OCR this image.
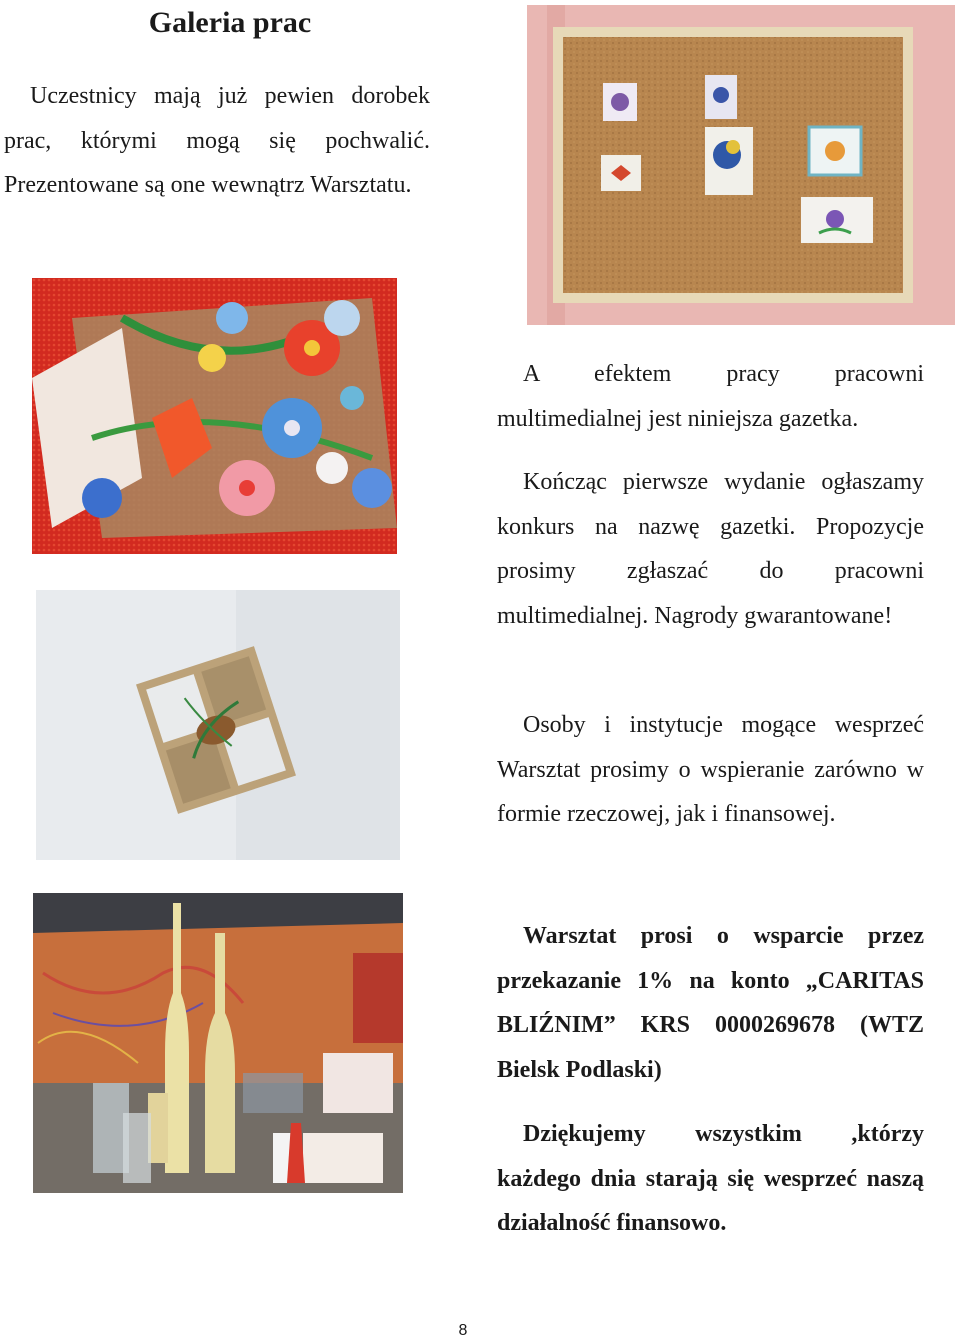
Galeria prac
Uczestnicy mają już pewien dorobek prac, którymi mogą się pochwalić. Prezentowane są one wewnątrz Warsztatu.
A efektem pracy pracowni multimedialnej jest niniejsza gazetka.
Kończąc pierwsze wydanie ogłaszamy konkurs na nazwę gazetki. Propozycje prosimy zgłaszać do pracowni multimedialnej. Nagrody gwarantowane!
Osoby i instytucje mogące wesprzeć Warsztat prosimy o wspieranie zarówno w formie rzeczowej, jak i finansowej.
Warsztat prosi o wsparcie przez przekazanie 1% na konto „CARITAS BLIŹNIM” KRS 0000269678 (WTZ Bielsk Podlaski)
Dziękujemy wszystkim ,którzy każdego dnia starają się wesprzeć naszą działalność finansowo.
8
